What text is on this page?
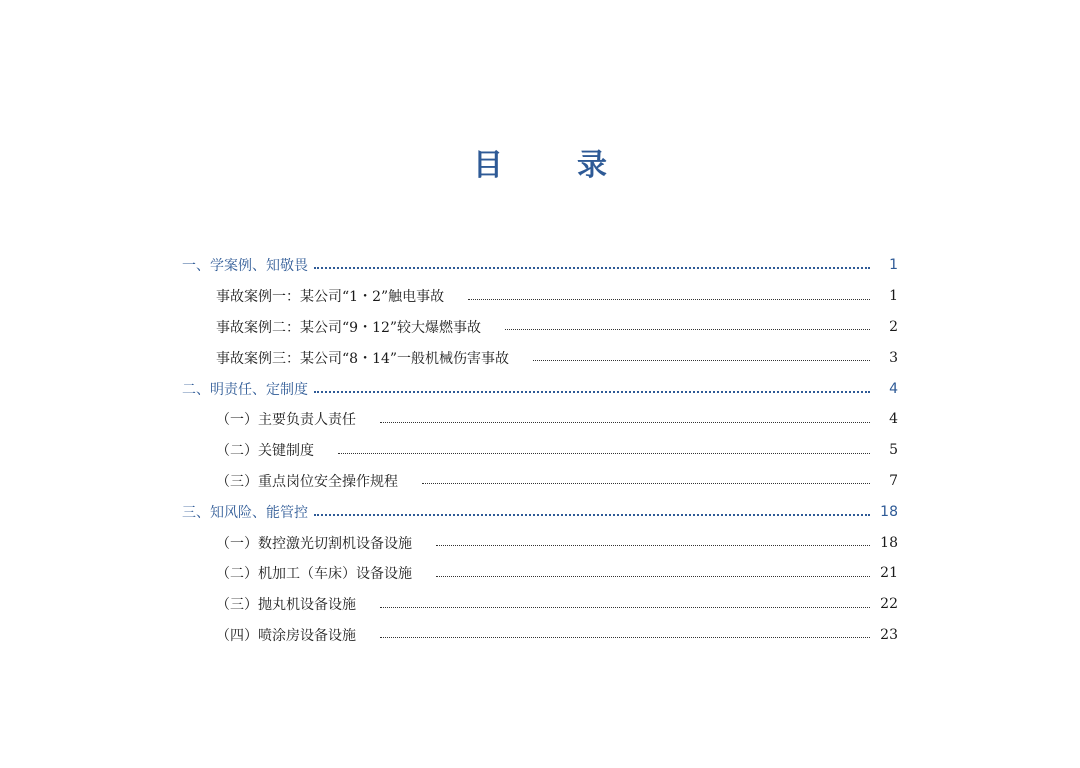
目　录
一、学案例、知敬畏	1
事故案例一：某公司“1・2”触电事故	1
事故案例二：某公司“9・12”较大爆燃事故	2
事故案例三：某公司“8・14”一般机械伤害事故	3
二、明责任、定制度	4
（一）主要负责人责任	4
（二）关键制度	5
（三）重点岗位安全操作规程	7
三、知风险、能管控	18
（一）数控激光切割机设备设施	18
（二）机加工（车床）设备设施	21
（三）抛丸机设备设施	22
（四）喷涂房设备设施	23
